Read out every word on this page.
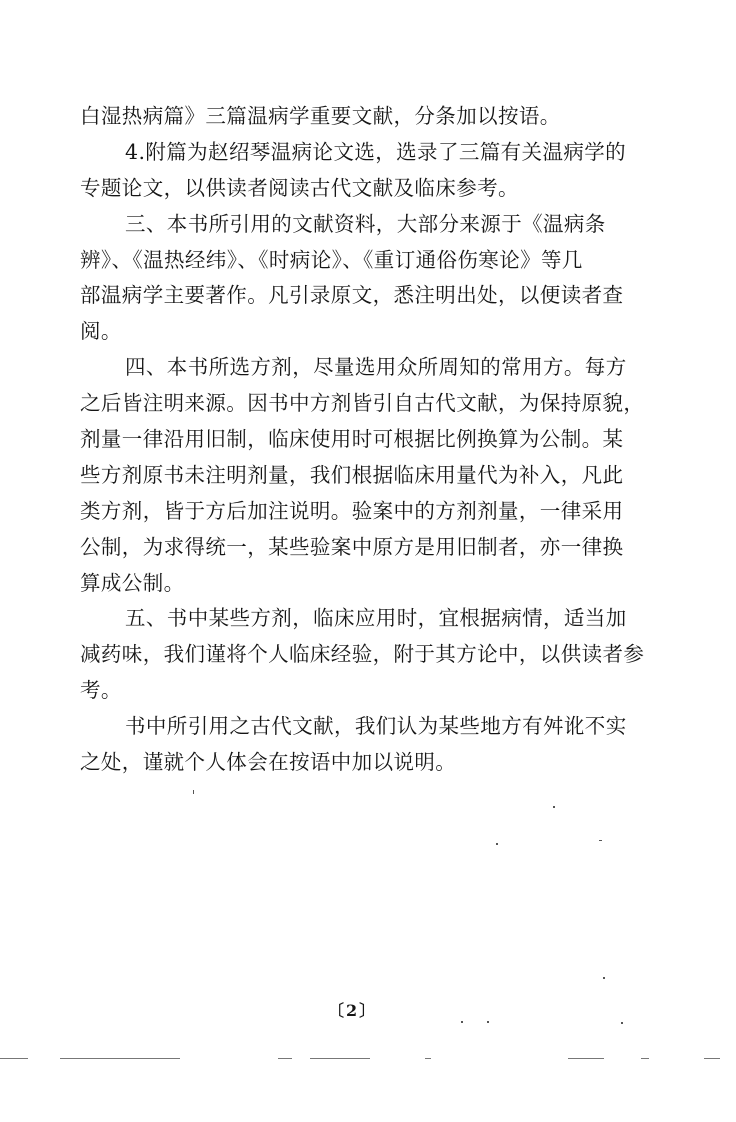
白湿热病篇》三篇温病学重要文献，分条加以按语。
4.附篇为赵绍琴温病论文选，选录了三篇有关温病学的
专题论文，以供读者阅读古代文献及临床参考。
三、本书所引用的文献资料，大部分来源于《温病条
辨》、《温热经纬》、《时病论》、《重订通俗伤寒论》等几
部温病学主要著作。凡引录原文，悉注明出处，以便读者查
阅。
四、本书所选方剂，尽量选用众所周知的常用方。每方
之后皆注明来源。因书中方剂皆引自古代文献，为保持原貌，
剂量一律沿用旧制，临床使用时可根据比例换算为公制。某
些方剂原书未注明剂量，我们根据临床用量代为补入，凡此
类方剂，皆于方后加注说明。验案中的方剂剂量，一律采用
公制，为求得统一，某些验案中原方是用旧制者，亦一律换
算成公制。
五、书中某些方剂，临床应用时，宜根据病情，适当加
减药味，我们谨将个人临床经验，附于其方论中，以供读者参
考。
书中所引用之古代文献，我们认为某些地方有舛讹不实
之处，谨就个人体会在按语中加以说明。
〔2〕
